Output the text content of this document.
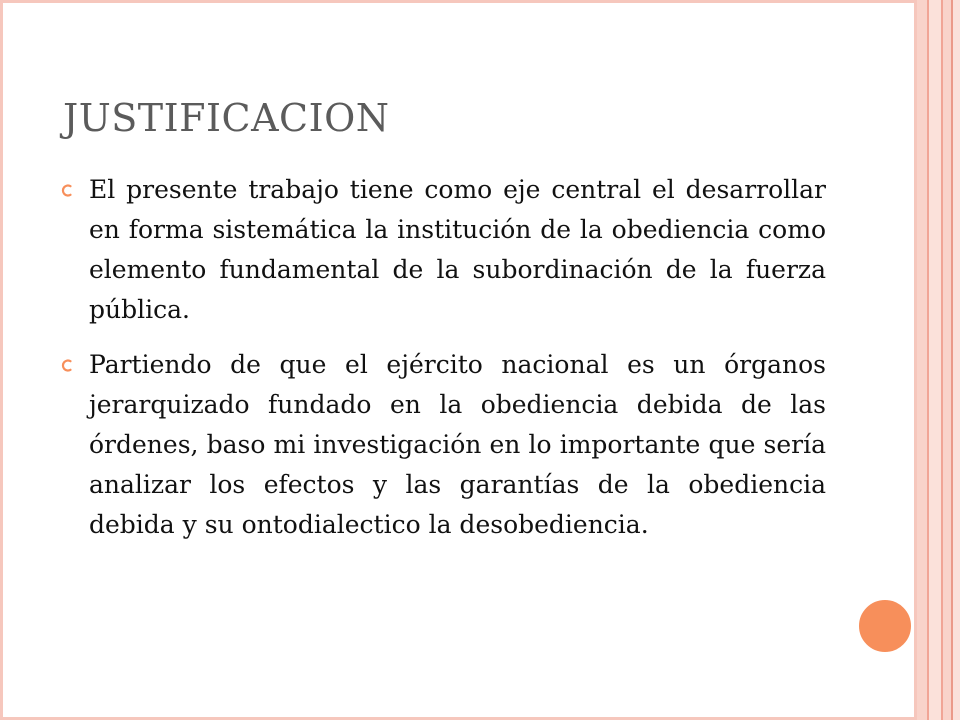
JUSTIFICACION

El presente trabajo tiene como eje central el desarrollar en forma sistemática la institución de la obediencia como elemento fundamental de la subordinación de la fuerza pública.

Partiendo de que el ejército nacional es un órganos jerarquizado fundado en la obediencia debida de las órdenes, baso mi investigación en lo importante que sería analizar los efectos y las garantías de la obediencia debida y su ontodialectico la desobediencia.
